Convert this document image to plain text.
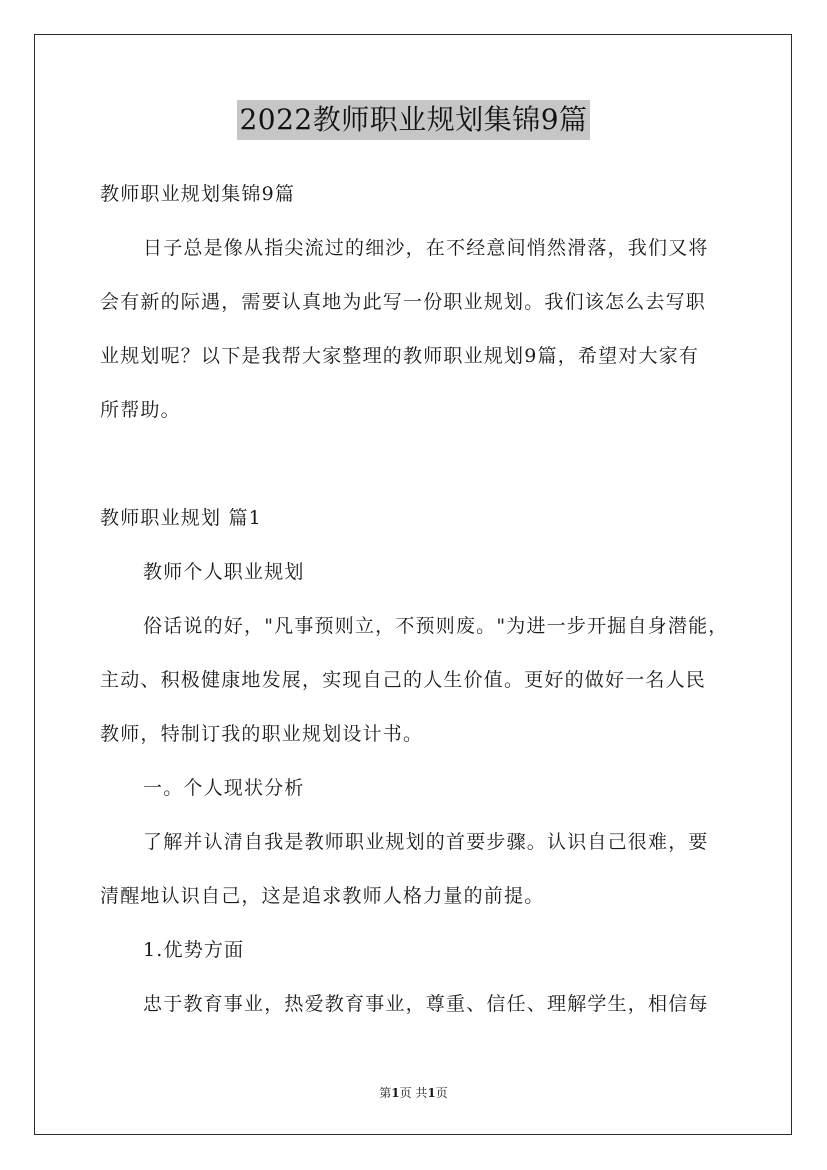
2022教师职业规划集锦9篇
教师职业规划集锦9篇
日子总是像从指尖流过的细沙，在不经意间悄然滑落，我们又将
会有新的际遇，需要认真地为此写一份职业规划。我们该怎么去写职
业规划呢？以下是我帮大家整理的教师职业规划9篇，希望对大家有
所帮助。
教师职业规划 篇1
教师个人职业规划
俗话说的好，"凡事预则立，不预则废。"为进一步开掘自身潜能，
主动、积极健康地发展，实现自己的人生价值。更好的做好一名人民
教师，特制订我的职业规划设计书。
一。个人现状分析
了解并认清自我是教师职业规划的首要步骤。认识自己很难，要
清醒地认识自己，这是追求教师人格力量的前提。
1.优势方面
忠于教育事业，热爱教育事业，尊重、信任、理解学生，相信每
第1页 共1页
